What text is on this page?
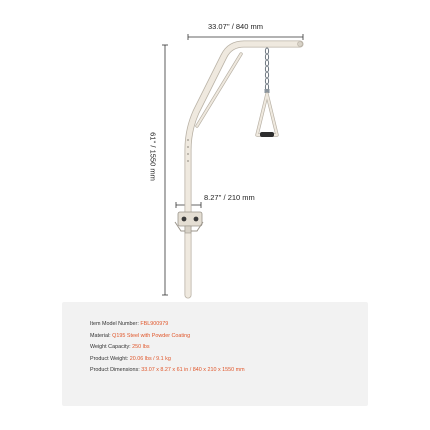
33.07'' / 840 mm
61'' / 1550 mm
8.27'' / 210 mm
Item Model Number: FBL900979
Material: Q195 Steel with Powder Coating
Weight Capacity: 250 lbs
Product Weight: 20.06 lbs / 9.1 kg
Product Dimensions: 33.07 x 8.27 x 61 in / 840 x 210 x 1550 mm
